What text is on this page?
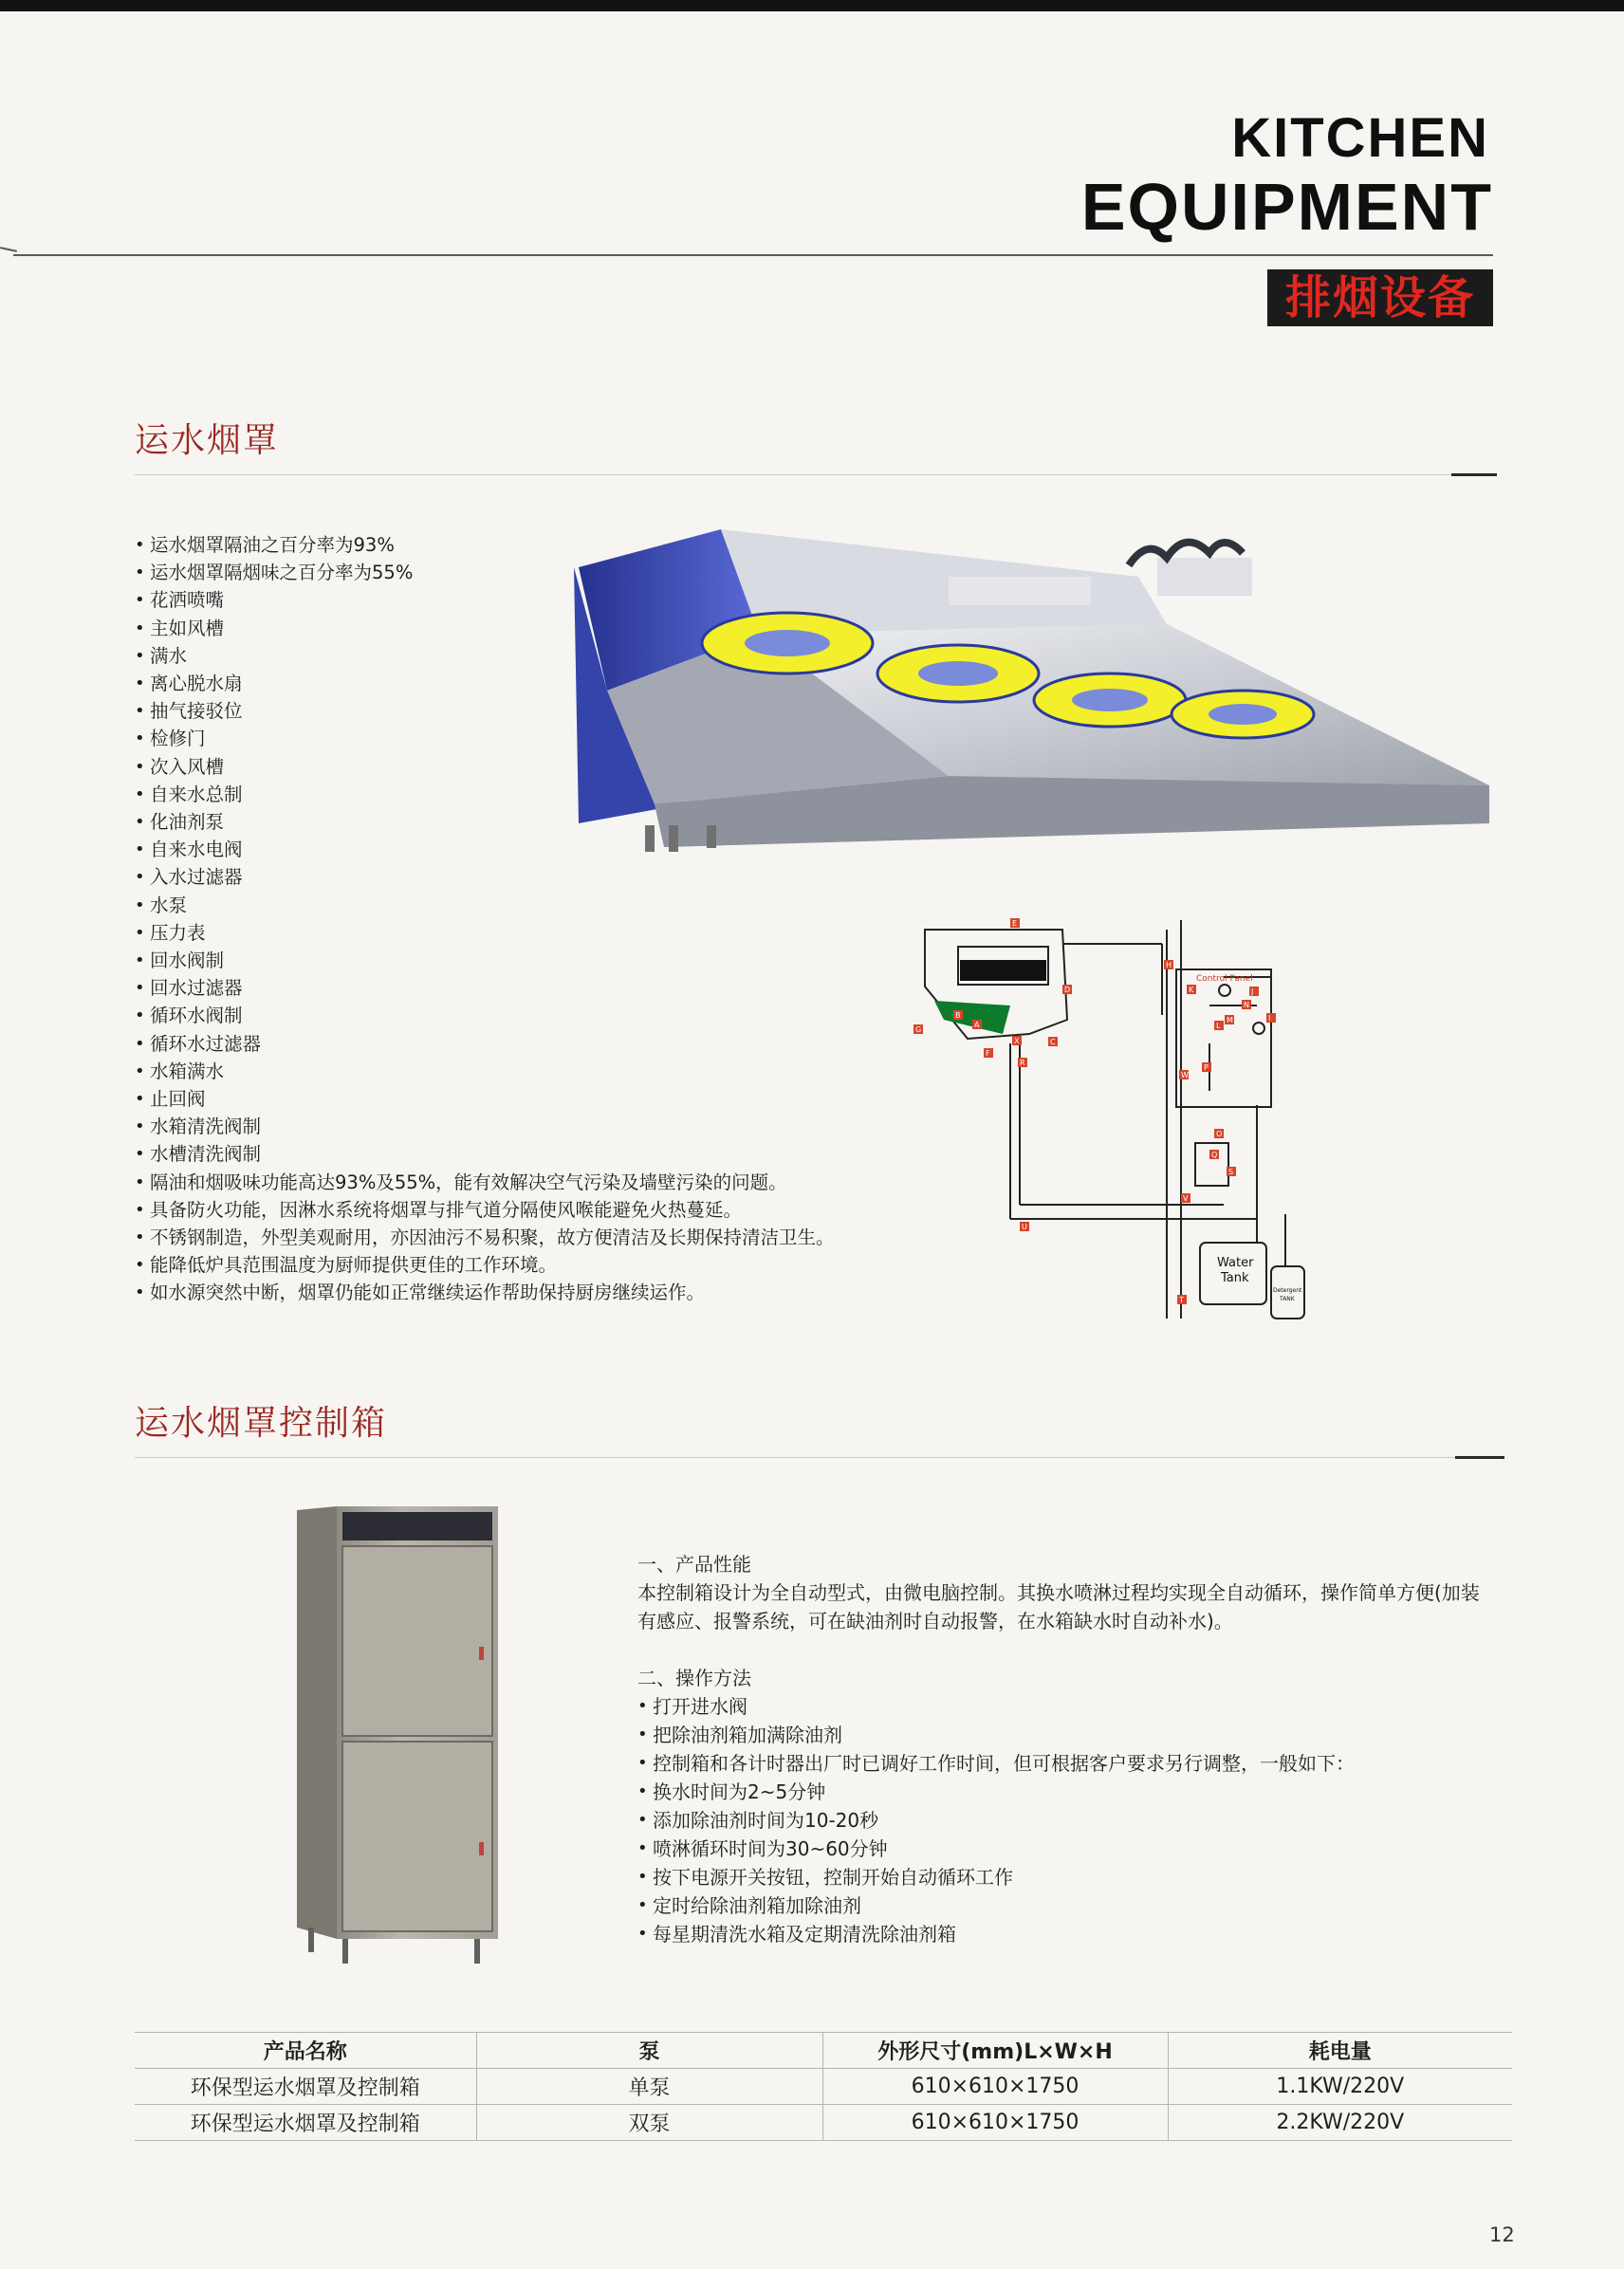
KITCHEN
EQUIPMENT
排烟设备
运水烟罩
• 运水烟罩隔油之百分率为93%
• 运水烟罩隔烟味之百分率为55%
• 花洒喷嘴
• 主如风槽
• 满水
• 离心脱水扇
• 抽气接驳位
• 检修门
• 次入风槽
• 自来水总制
• 化油剂泵
• 自来水电阀
• 入水过滤器
• 水泵
• 压力表
• 回水阀制
• 回水过滤器
• 循环水阀制
• 循环水过滤器
• 水箱满水
• 止回阀
• 水箱清洗阀制
• 水槽清洗阀制
• 隔油和烟吸味功能高达93%及55%，能有效解决空气污染及墙壁污染的问题。
• 具备防火功能，因淋水系统将烟罩与排气道分隔使风喉能避免火热蔓延。
• 不锈钢制造，外型美观耐用，亦因油污不易积聚，故方便清洁及长期保持清洁卫生。
• 能降低炉具范围温度为厨师提供更佳的工作环境。
• 如水源突然中断，烟罩仍能如正常继续运作帮助保持厨房继续运作。
Control Panel
Water
Tank
Detergent
TANK
E
H
D
B
A
G
F
X	C
R
K	J
N
M
L
I
W
P
O
Q
S
U
V
T
运水烟罩控制箱

一、产品性能

本控制箱设计为全自动型式，由微电脑控制。其换水喷淋过程均实现全自动循环，操作简单方便(加装

有感应、报警系统，可在缺油剂时自动报警，在水箱缺水时自动补水)。

二、操作方法

• 打开进水阀
• 把除油剂箱加满除油剂
• 控制箱和各计时器出厂时已调好工作时间，但可根据客户要求另行调整，一般如下：
• 换水时间为2~5分钟
• 添加除油剂时间为10-20秒
• 喷淋循环时间为30~60分钟
• 按下电源开关按钮，控制开始自动循环工作
• 定时给除油剂箱加除油剂
• 每星期清洗水箱及定期清洗除油剂箱
产品名称	泵	外形尺寸(mm)L×W×H	耗电量
环保型运水烟罩及控制箱	单泵	610×610×1750	1.1KW/220V
环保型运水烟罩及控制箱	双泵	610×610×1750	2.2KW/220V
12
